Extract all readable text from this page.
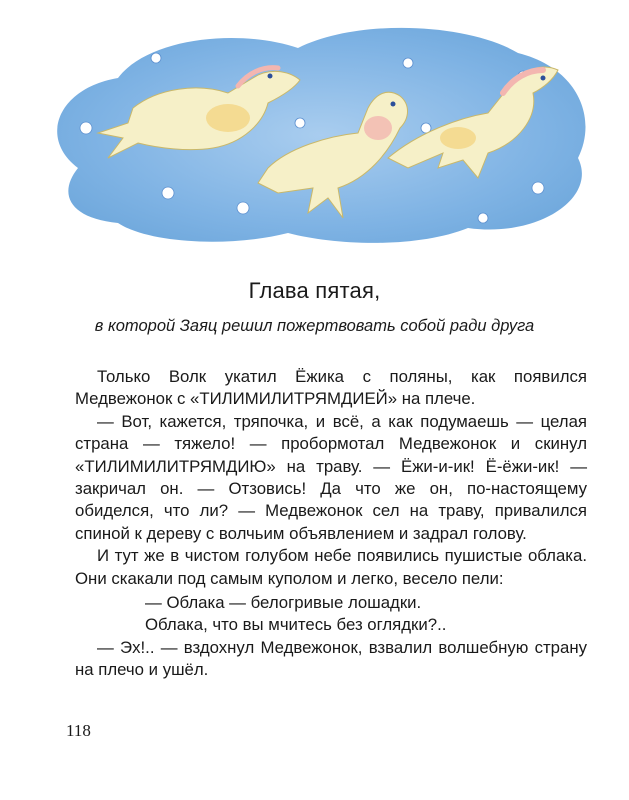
Глава пятая,
в которой Заяц решил пожертвовать собой ради друга

Только Волк укатил Ёжика с поляны, как появился Медвежонок с «ТИЛИМИЛИТРЯМДИЕЙ» на плече.

— Вот, кажется, тряпочка, и всё, а как подумаешь — целая страна — тяжело! — пробормотал Медвежонок и скинул «ТИЛИМИЛИТРЯМДИЮ» на траву. — Ёжи-и-ик! Ё-ёжи-ик! — закричал он. — Отзовись! Да что же он, по-настоящему обиделся, что ли? — Медвежонок сел на траву, привалился спиной к дереву с волчьим объявлением и задрал голову.

И тут же в чистом голубом небе появились пушистые облака. Они скакали под самым куполом и легко, весело пели:

— Облака — белогривые лошадки.
Облака, что вы мчитесь без оглядки?..

— Эх!.. — вздохнул Медвежонок, взвалил волшебную страну на плечо и ушёл.

118
